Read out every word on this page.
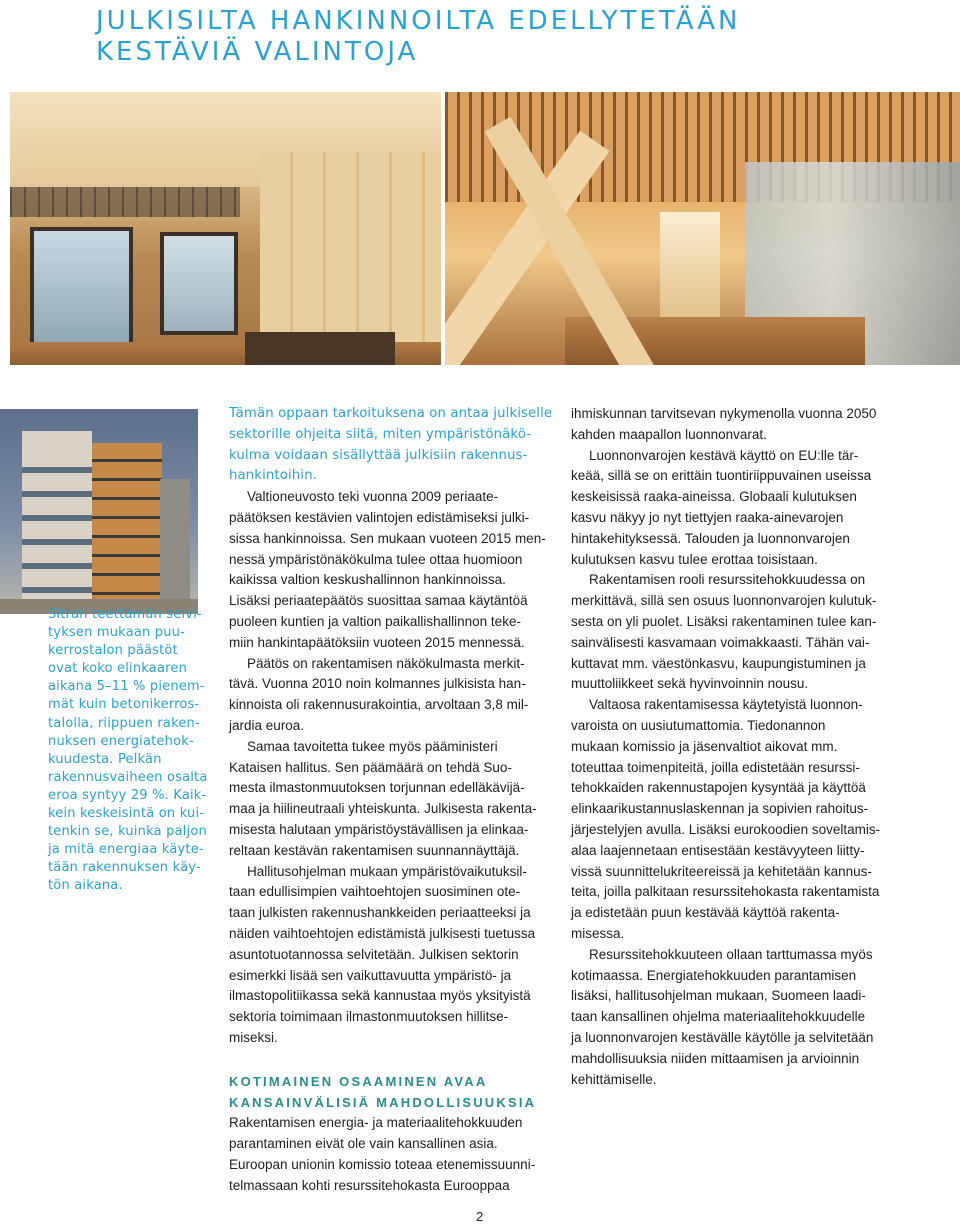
JULKISILTA HANKINNOILTA EDELLYTETÄÄN
KESTÄVIÄ VALINTOJA

Sitran teettämän selvi-
tyksen mukaan puu-
kerrostalon päästöt
ovat koko elinkaaren
aikana 5–11 % pienem-
mät kuin betonikerros-
talolla, riippuen raken-
nuksen energiatehok-
kuudesta. Pelkän
rakennusvaiheen osalta
eroa syntyy 29 %. Kaik-
kein keskeisintä on kui-
tenkin se, kuinka paljon
ja mitä energiaa käyte-
tään rakennuksen käy-
tön aikana.

Tämän oppaan tarkoituksena on antaa julkiselle
sektorille ohjeita siitä, miten ympäristönäkö-
kulma voidaan sisällyttää julkisiin rakennus-
hankintoihin.
Valtioneuvosto teki vuonna 2009 periaate-
päätöksen kestävien valintojen edistämiseksi julki-
sissa hankinnoissa. Sen mukaan vuoteen 2015 men-
nessä ympäristönäkökulma tulee ottaa huomioon
kaikissa valtion keskushallinnon hankinnoissa.
Lisäksi periaatepäätös suosittaa samaa käytäntöä
puoleen kuntien ja valtion paikallishallinnon teke-
miin hankintapäätöksiin vuoteen 2015 mennessä.
Päätös on rakentamisen näkökulmasta merkit-
tävä. Vuonna 2010 noin kolmannes julkisista han-
kinnoista oli rakennusurakointia, arvoltaan 3,8 mil-
jardia euroa.
Samaa tavoitetta tukee myös pääministeri
Kataisen hallitus. Sen päämäärä on tehdä Suo-
mesta ilmastonmuutoksen torjunnan edelläkävijä-
maa ja hiilineutraali yhteiskunta. Julkisesta rakenta-
misesta halutaan ympäristöystävällisen ja elinkaa-
reltaan kestävän rakentamisen suunnannäyttäjä.
Hallitusohjelman mukaan ympäristövaikutuksil-
taan edullisimpien vaihtoehtojen suosiminen ote-
taan julkisten rakennushankkeiden periaatteeksi ja
näiden vaihtoehtojen edistämistä julkisesti tuetussa
asuntotuotannossa selvitetään. Julkisen sektorin
esimerkki lisää sen vaikuttavuutta ympäristö- ja
ilmastopolitiikassa sekä kannustaa myös yksityistä
sektoria toimimaan ilmastonmuutoksen hillitse-
miseksi.
KOTIMAINEN OSAAMINEN AVAA
KANSAINVÄLISIÄ MAHDOLLISUUKSIA
Rakentamisen energia- ja materiaalitehokkuuden
parantaminen eivät ole vain kansallinen asia.
Euroopan unionin komissio toteaa etenemissuunni-
telmassaan kohti resurssitehokasta Eurooppaa
ihmiskunnan tarvitsevan nykymenolla vuonna 2050
kahden maapallon luonnonvarat.
Luonnonvarojen kestävä käyttö on EU:lle tär-
keää, sillä se on erittäin tuontiriippuvainen useissa
keskeisissä raaka-aineissa. Globaali kulutuksen
kasvu näkyy jo nyt tiettyjen raaka-ainevarojen
hintakehityksessä. Talouden ja luonnonvarojen
kulutuksen kasvu tulee erottaa toisistaan.
Rakentamisen rooli resurssitehokkuudessa on
merkittävä, sillä sen osuus luonnonvarojen kulutuk-
sesta on yli puolet. Lisäksi rakentaminen tulee kan-
sainvälisesti kasvamaan voimakkaasti. Tähän vai-
kuttavat mm. väestönkasvu, kaupungistuminen ja
muuttoliikkeet sekä hyvinvoinnin nousu.
Valtaosa rakentamisessa käytetyistä luonnon-
varoista on uusiutumattomia. Tiedonannon
mukaan komissio ja jäsenvaltiot aikovat mm.
toteuttaa toimenpiteitä, joilla edistetään resurssi-
tehokkaiden rakennustapojen kysyntää ja käyttöä
elinkaarikustannuslaskennan ja sopivien rahoitus-
järjestelyjen avulla. Lisäksi eurokoodien soveltamis-
alaa laajennetaan entisestään kestävyyteen liitty-
vissä suunnittelukriteereissä ja kehitetään kannus-
teita, joilla palkitaan resurssitehokasta rakentamista
ja edistetään puun kestävää käyttöä rakenta-
misessa.
Resurssitehokkuuteen ollaan tarttumassa myös
kotimaassa. Energiatehokkuuden parantamisen
lisäksi, hallitusohjelman mukaan, Suomeen laadi-
taan kansallinen ohjelma materiaalitehokkuudelle
ja luonnonvarojen kestävälle käytölle ja selvitetään
mahdollisuuksia niiden mittaamisen ja arvioinnin
kehittämiselle.

2
